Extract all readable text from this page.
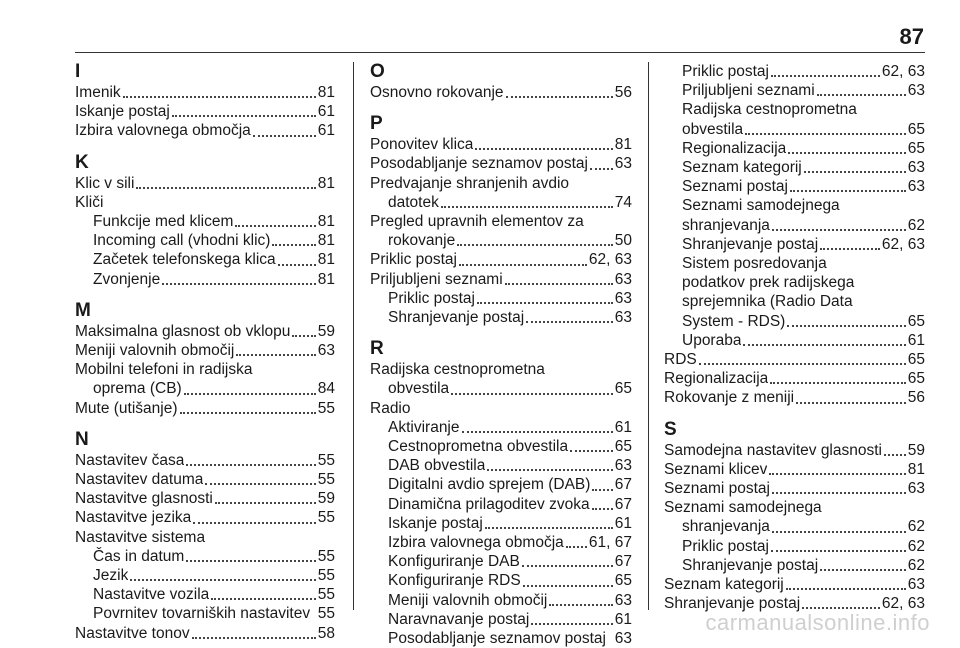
87
I
Imenik	81
Iskanje postaj	61
Izbira valovnega območja	61
K
Klic v sili	81
Kliči
Funkcije med klicem	81
Incoming call (vhodni klic)	81
Začetek telefonskega klica	81
Zvonjenje	81
M
Maksimalna glasnost ob vklopu 59
Meniji valovnih območij	63
Mobilni telefoni in radijska
oprema (CB)	84
Mute (utišanje)	55
N
Nastavitev časa	55
Nastavitev datuma	55
Nastavitve glasnosti	59
Nastavitve jezika	55
Nastavitve sistema
Čas in datum	55
Jezik	55
Nastavitve vozila	55
Povrnitev tovarniških nastavitev 55
Nastavitve tonov	58
O
Osnovno rokovanje	56
P
Ponovitev klica	81
Posodabljanje seznamov postaj 63
Predvajanje shranjenih avdio
datotek	74
Pregled upravnih elementov za
rokovanje	50
Priklic postaj	62, 63
Priljubljeni seznami	63
Priklic postaj	63
Shranjevanje postaj	63
R
Radijska cestnoprometna
obvestila	65
Radio
Aktiviranje	61
Cestnoprometna obvestila	65
DAB obvestila	63
Digitalni avdio sprejem (DAB) 67
Dinamična prilagoditev zvoka 67
Iskanje postaj	61
Izbira valovnega območja 61, 67
Konfiguriranje DAB	67
Konfiguriranje RDS	65
Meniji valovnih območij	63
Naravnavanje postaj	61
Posodabljanje seznamov postaj 63
Priklic postaj	62, 63
Priljubljeni seznami	63
Radijska cestnoprometna
obvestila	65
Regionalizacija	65
Seznam kategorij	63
Seznami postaj	63
Seznami samodejnega
shranjevanja	62
Shranjevanje postaj	62, 63
Sistem posredovanja
podatkov prek radijskega
sprejemnika (Radio Data
System - RDS)	65
Uporaba	61
RDS	65
Regionalizacija	65
Rokovanje z meniji	56
S
Samodejna nastavitev glasnosti 59
Seznami klicev	81
Seznami postaj	63
Seznami samodejnega
shranjevanja	62
Priklic postaj	62
Shranjevanje postaj	62
Seznam kategorij	63
Shranjevanje postaj	62, 63
carmanualsonline.info
